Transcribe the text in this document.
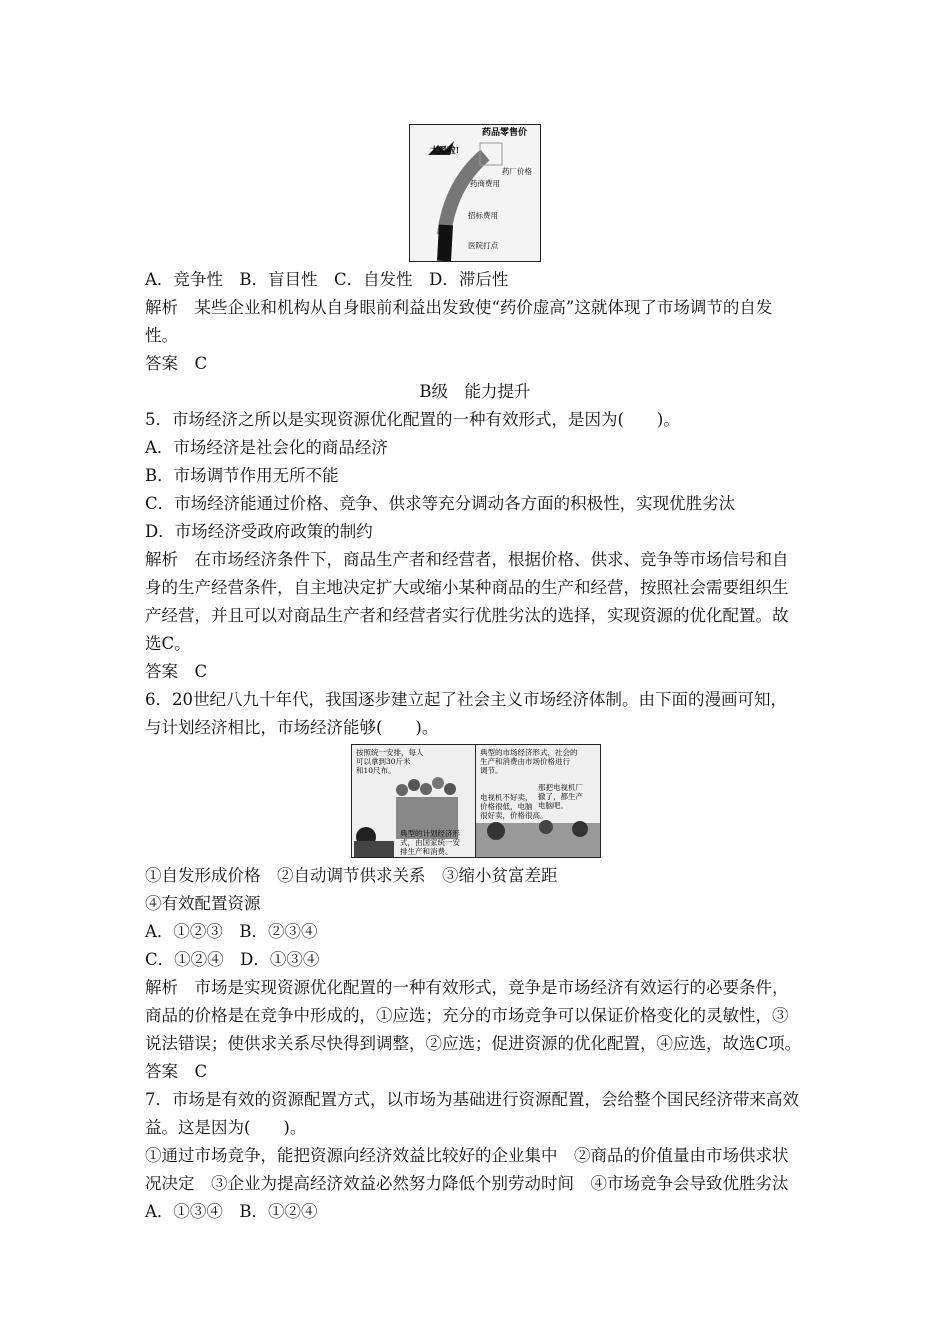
药品零售价
太黑啦!
药厂价格
药商费用
招标费用
医院打点
A．竞争性　B．盲目性　C．自发性　D．滞后性
解析　某些企业和机构从自身眼前利益出发致使“药价虚高”这就体现了市场调节的自发
性。
答案　C
B级　能力提升
5．市场经济之所以是实现资源优化配置的一种有效形式，是因为(　　)。
A．市场经济是社会化的商品经济
B．市场调节作用无所不能
C．市场经济能通过价格、竞争、供求等充分调动各方面的积极性，实现优胜劣汰
D．市场经济受政府政策的制约
解析　在市场经济条件下，商品生产者和经营者，根据价格、供求、竞争等市场信号和自
身的生产经营条件，自主地决定扩大或缩小某种商品的生产和经营，按照社会需要组织生
产经营，并且可以对商品生产者和经营者实行优胜劣汰的选择，实现资源的优化配置。故
选C。
答案　C
6．20世纪八九十年代，我国逐步建立起了社会主义市场经济体制。由下面的漫画可知，
与计划经济相比，市场经济能够(　　)。
按照统一安排，每人
可以拿到30斤米
和10尺布。
典型的计划经济形
式，由国家统一安
排生产和消费。
典型的市场经济形式，社会的
生产和消费由市场价格进行
调节。
那把电视机厂
撤了，都生产
电脑吧。
电视机不好卖，
价格很低，电脑
很好卖，价格很高。
①自发形成价格　②自动调节供求关系　③缩小贫富差距
④有效配置资源
A．①②③　B．②③④
C．①②④　D．①③④
解析　市场是实现资源优化配置的一种有效形式，竞争是市场经济有效运行的必要条件，
商品的价格是在竞争中形成的，①应选；充分的市场竞争可以保证价格变化的灵敏性，③
说法错误；使供求关系尽快得到调整，②应选；促进资源的优化配置，④应选，故选C项。
答案　C
7．市场是有效的资源配置方式，以市场为基础进行资源配置，会给整个国民经济带来高效
益。这是因为(　　)。
①通过市场竞争，能把资源向经济效益比较好的企业集中　②商品的价值量由市场供求状
况决定　③企业为提高经济效益必然努力降低个别劳动时间　④市场竞争会导致优胜劣汰
A．①③④　B．①②④
